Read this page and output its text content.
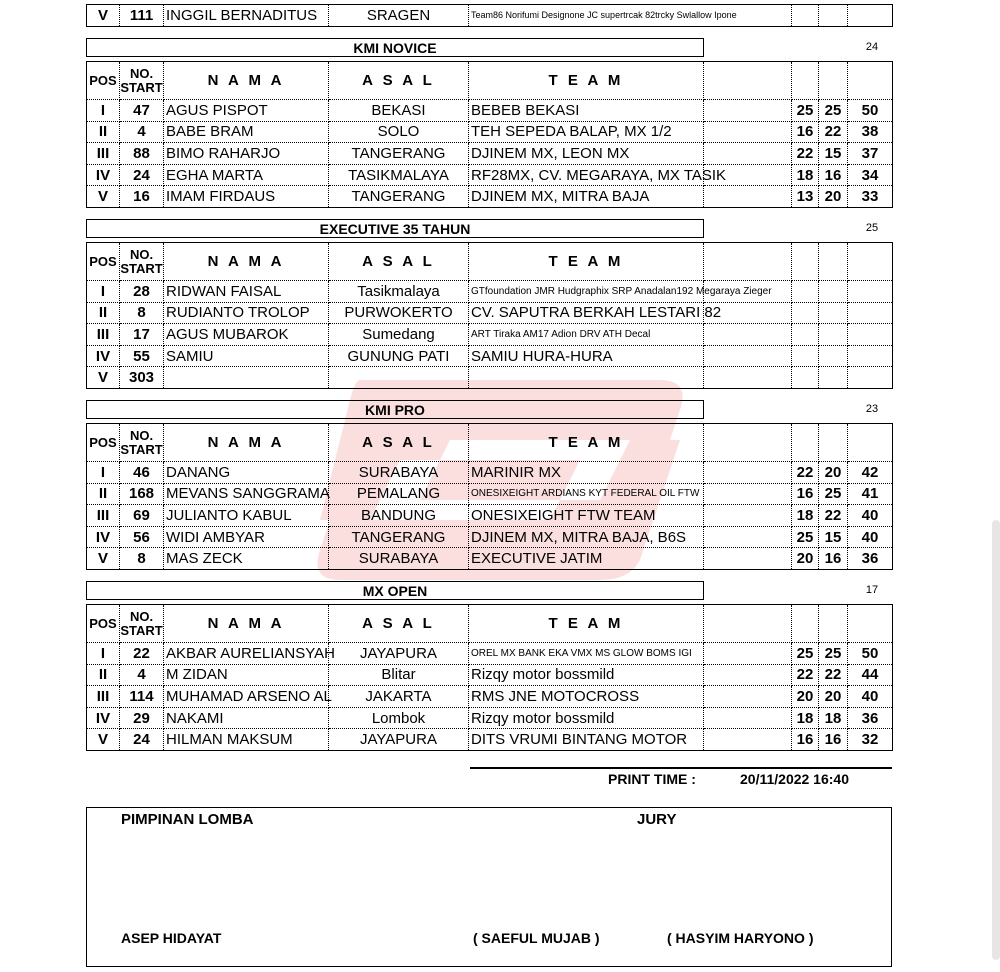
V	111	INGGIL BERNADITUS	SRAGEN	Team86 Norifumi Designone JC supertrcak 82trcky Swlallow Ipone			
KMI NOVICE	24
POS	NO. START	N A M A	A S A L	T E A M				
I	47	AGUS PISPOT	BEKASI	BEBEB BEKASI		25	25	50
II	4	BABE BRAM	SOLO	TEH SEPEDA BALAP, MX 1/2		16	22	38
III	88	BIMO RAHARJO	TANGERANG	DJINEM MX, LEON MX		22	15	37
IV	24	EGHA MARTA	TASIKMALAYA	RF28MX, CV. MEGARAYA, MX TASIK		18	16	34
V	16	IMAM FIRDAUS	TANGERANG	DJINEM MX, MITRA BAJA		13	20	33
EXECUTIVE 35 TAHUN	25
POS	NO. START	N A M A	A S A L	T E A M				
I	28	RIDWAN FAISAL	Tasikmalaya	GTfoundation JMR Hudgraphix SRP Anadalan192 Megaraya Zieger				
II	8	RUDIANTO TROLOP	PURWOKERTO	CV. SAPUTRA BERKAH LESTARI 82				
III	17	AGUS MUBAROK	Sumedang	ART Tiraka AM17 Adion DRV ATH Decal				
IV	55	SAMIU	GUNUNG PATI	SAMIU HURA-HURA				
V	303							
KMI PRO	23
POS	NO. START	N A M A	A S A L	T E A M				
I	46	DANANG	SURABAYA	MARINIR MX		22	20	42
II	168	MEVANS SANGGRAMA	PEMALANG	ONESIXEIGHT ARDIANS KYT FEDERAL OIL FTW		16	25	41
III	69	JULIANTO KABUL	BANDUNG	ONESIXEIGHT FTW TEAM		18	22	40
IV	56	WIDI AMBYAR	TANGERANG	DJINEM MX, MITRA BAJA, B6S		25	15	40
V	8	MAS ZECK	SURABAYA	EXECUTIVE JATIM		20	16	36
MX OPEN	17
POS	NO. START	N A M A	A S A L	T E A M				
I	22	AKBAR AURELIANSYAH	JAYAPURA	OREL MX BANK EKA VMX MS GLOW BOMS IGI		25	25	50
II	4	M ZIDAN	Blitar	Rizqy motor bossmild		22	22	44
III	114	MUHAMAD ARSENO AL	JAKARTA	RMS JNE MOTOCROSS		20	20	40
IV	29	NAKAMI	Lombok	Rizqy motor bossmild		18	18	36
V	24	HILMAN MAKSUM	JAYAPURA	DITS VRUMI BINTANG MOTOR		16	16	32
PRINT TIME :	20/11/2022 16:40
PIMPINAN LOMBA	JURY
ASEP HIDAYAT	( SAEFUL MUJAB )	( HASYIM HARYONO )
